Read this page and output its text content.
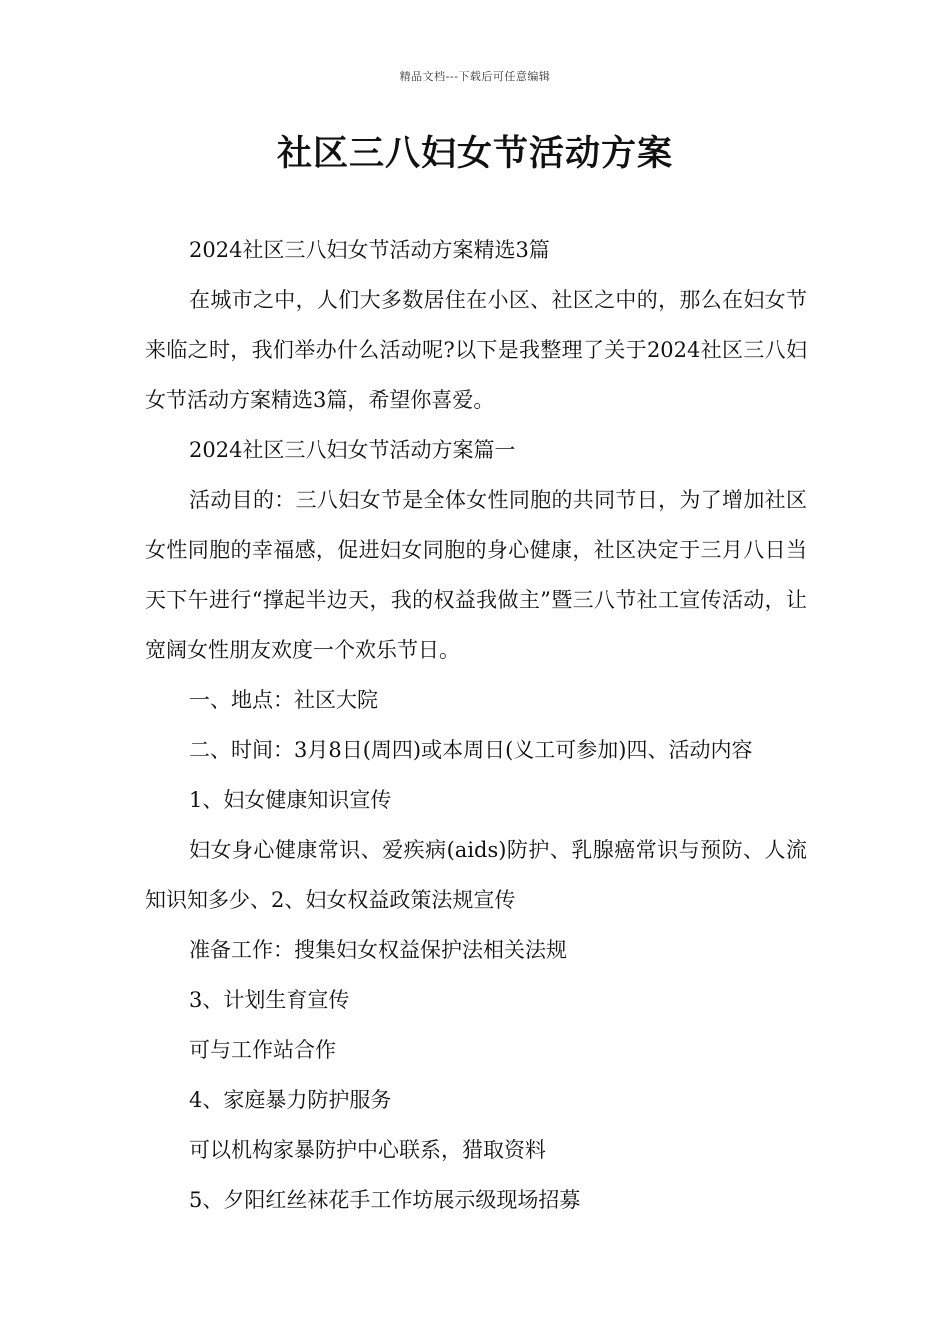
精品文档---下载后可任意编辑
社区三八妇女节活动方案

2024社区三八妇女节活动方案精选3篇

在城市之中，人们大多数居住在小区、社区之中的，那么在妇女节来临之时，我们举办什么活动呢?以下是我整理了关于2024社区三八妇女节活动方案精选3篇，希望你喜爱。

2024社区三八妇女节活动方案篇一

活动目的：三八妇女节是全体女性同胞的共同节日，为了增加社区女性同胞的幸福感，促进妇女同胞的身心健康，社区决定于三月八日当天下午进行“撑起半边天，我的权益我做主”暨三八节社工宣传活动，让宽阔女性朋友欢度一个欢乐节日。

一、地点：社区大院

二、时间：3月8日(周四)或本周日(义工可参加)四、活动内容

1、妇女健康知识宣传

妇女身心健康常识、爱疾病(aids)防护、乳腺癌常识与预防、人流知识知多少、2、妇女权益政策法规宣传

准备工作：搜集妇女权益保护法相关法规

3、计划生育宣传

可与工作站合作

4、家庭暴力防护服务

可以机构家暴防护中心联系，猎取资料

5、夕阳红丝袜花手工作坊展示级现场招募
